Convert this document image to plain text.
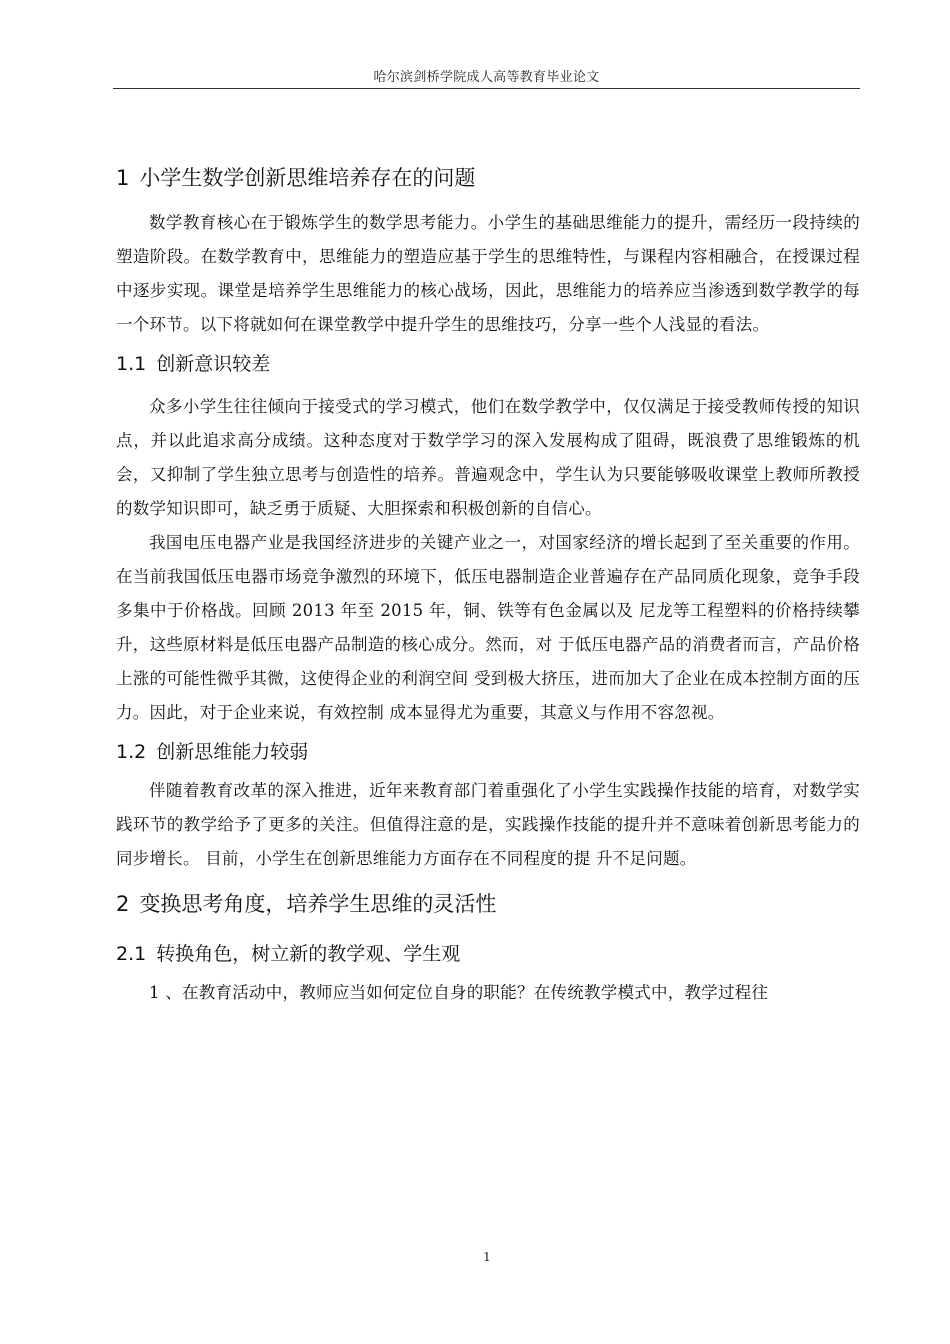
哈尔滨剑桥学院成人高等教育毕业论文
1 小学生数学创新思维培养存在的问题

数学教育核心在于锻炼学生的数学思考能力。小学生的基础思维能力的提升，需经历一段持续的塑造阶段。在数学教育中，思维能力的塑造应基于学生的思维特性，与课程内容相融合，在授课过程中逐步实现。课堂是培养学生思维能力的核心战场，因此，思维能力的培养应当渗透到数学教学的每一个环节。以下将就如何在课堂教学中提升学生的思维技巧，分享一些个人浅显的看法。

1.1 创新意识较差

众多小学生往往倾向于接受式的学习模式，他们在数学教学中，仅仅满足于接受教师传授的知识点，并以此追求高分成绩。这种态度对于数学学习的深入发展构成了阻碍，既浪费了思维锻炼的机会，又抑制了学生独立思考与创造性的培养。普遍观念中，学生认为只要能够吸收课堂上教师所教授的数学知识即可，缺乏勇于质疑、大胆探索和积极创新的自信心。

我国电压电器产业是我国经济进步的关键产业之一，对国家经济的增长起到了至关重要的作用。在当前我国低压电器市场竞争激烈的环境下，低压电器制造企业普遍存在产品同质化现象，竞争手段多集中于价格战。回顾 2013 年至 2015 年，铜、铁等有色金属以及 尼龙等工程塑料的价格持续攀升，这些原材料是低压电器产品制造的核心成分。然而，对 于低压电器产品的消费者而言，产品价格上涨的可能性微乎其微，这使得企业的利润空间 受到极大挤压，进而加大了企业在成本控制方面的压力。因此，对于企业来说，有效控制 成本显得尤为重要，其意义与作用不容忽视。

1.2 创新思维能力较弱

伴随着教育改革的深入推进，近年来教育部门着重强化了小学生实践操作技能的培育，对数学实践环节的教学给予了更多的关注。但值得注意的是，实践操作技能的提升并不意味着创新思考能力的同步增长。 目前，小学生在创新思维能力方面存在不同程度的提 升不足问题。

2 变换思考角度，培养学生思维的灵活性
2.1 转换角色，树立新的教学观、学生观

1 、在教育活动中，教师应当如何定位自身的职能？在传统教学模式中，教学过程往

1
